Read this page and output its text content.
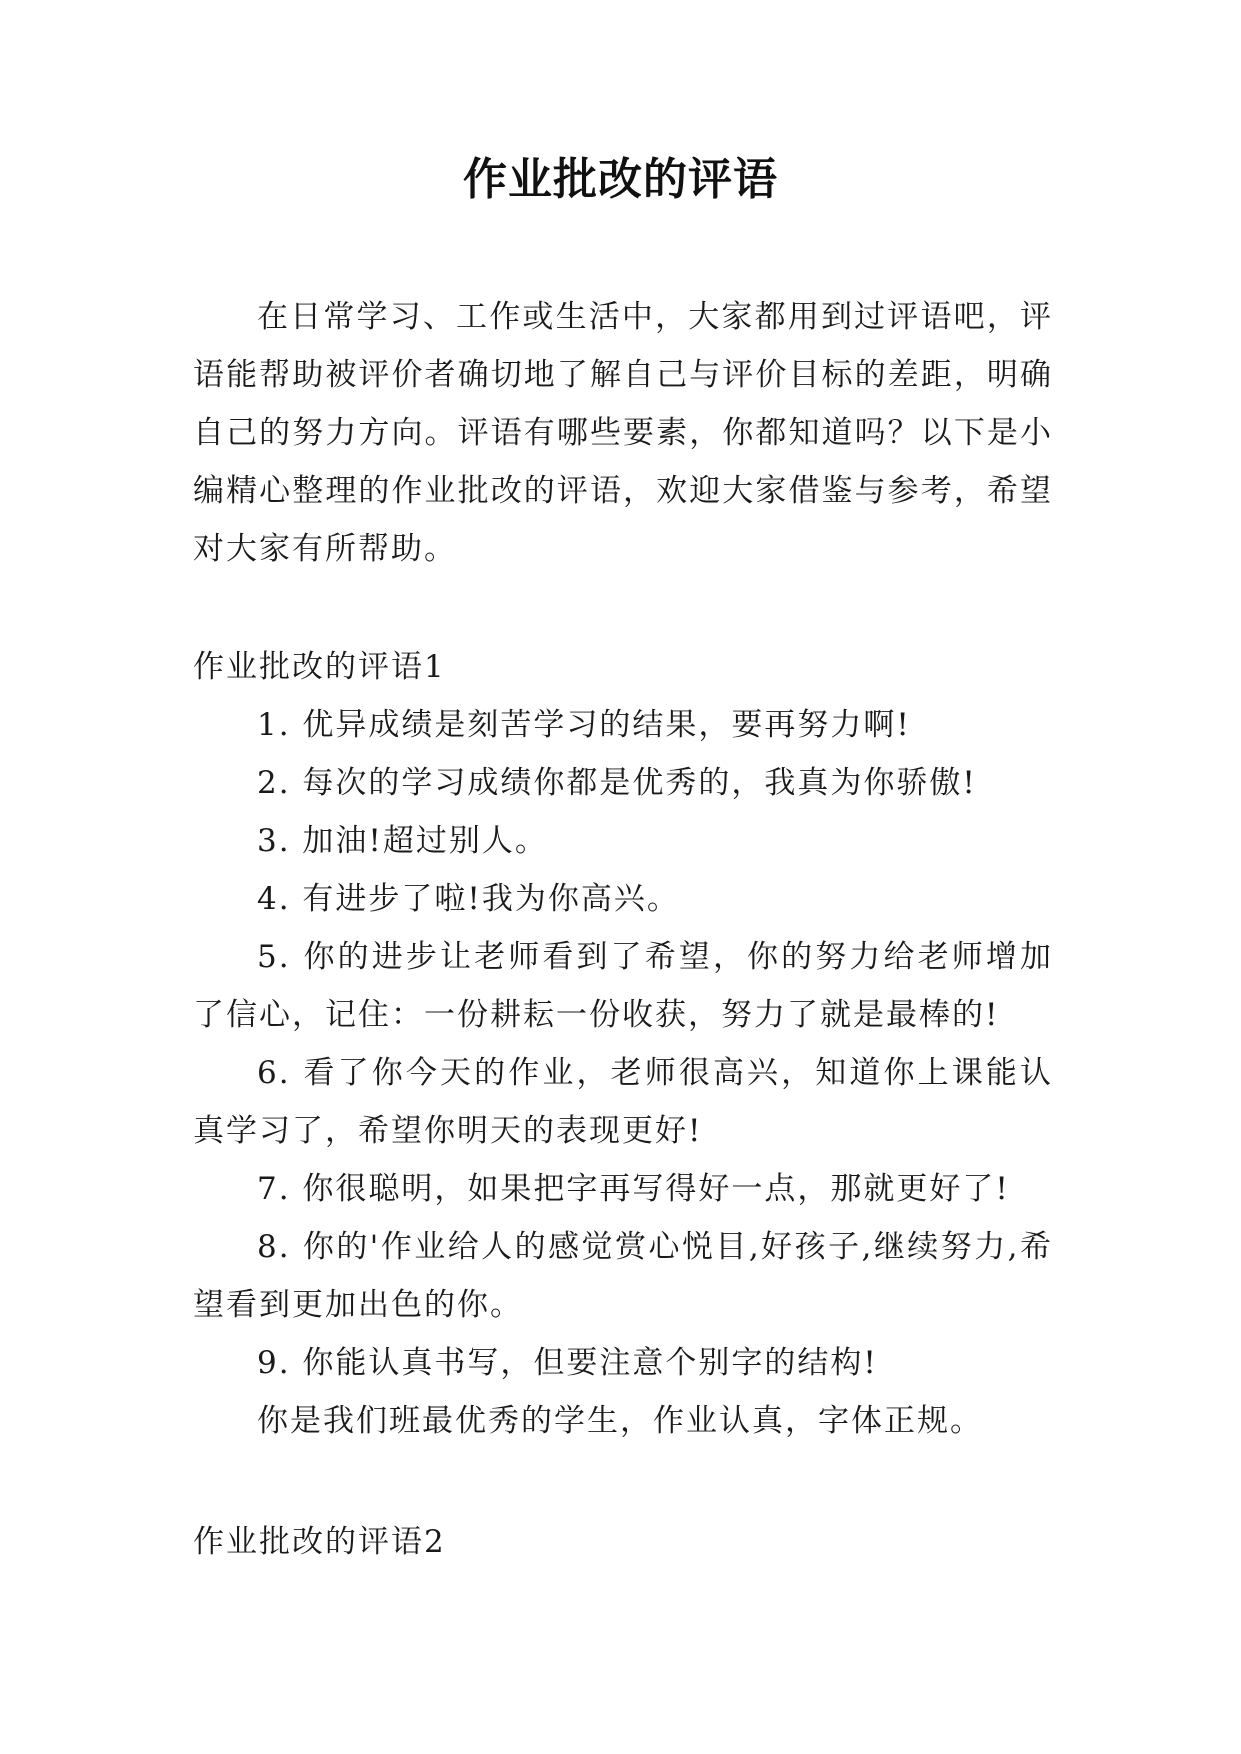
作业批改的评语

在日常学习、工作或生活中，大家都用到过评语吧，评语能帮助被评价者确切地了解自己与评价目标的差距，明确自己的努力方向。评语有哪些要素，你都知道吗？以下是小编精心整理的作业批改的评语，欢迎大家借鉴与参考，希望对大家有所帮助。

作业批改的评语1

1. 优异成绩是刻苦学习的结果，要再努力啊!

2. 每次的学习成绩你都是优秀的，我真为你骄傲!

3. 加油!超过别人。

4. 有进步了啦!我为你高兴。

5. 你的进步让老师看到了希望，你的努力给老师增加了信心，记住：一份耕耘一份收获，努力了就是最棒的!

6. 看了你今天的作业，老师很高兴，知道你上课能认真学习了，希望你明天的表现更好!

7. 你很聪明，如果把字再写得好一点，那就更好了!

8. 你的'作业给人的感觉赏心悦目,好孩子,继续努力,希望看到更加出色的你。

9. 你能认真书写，但要注意个别字的结构!

你是我们班最优秀的学生，作业认真，字体正规。

作业批改的评语2
